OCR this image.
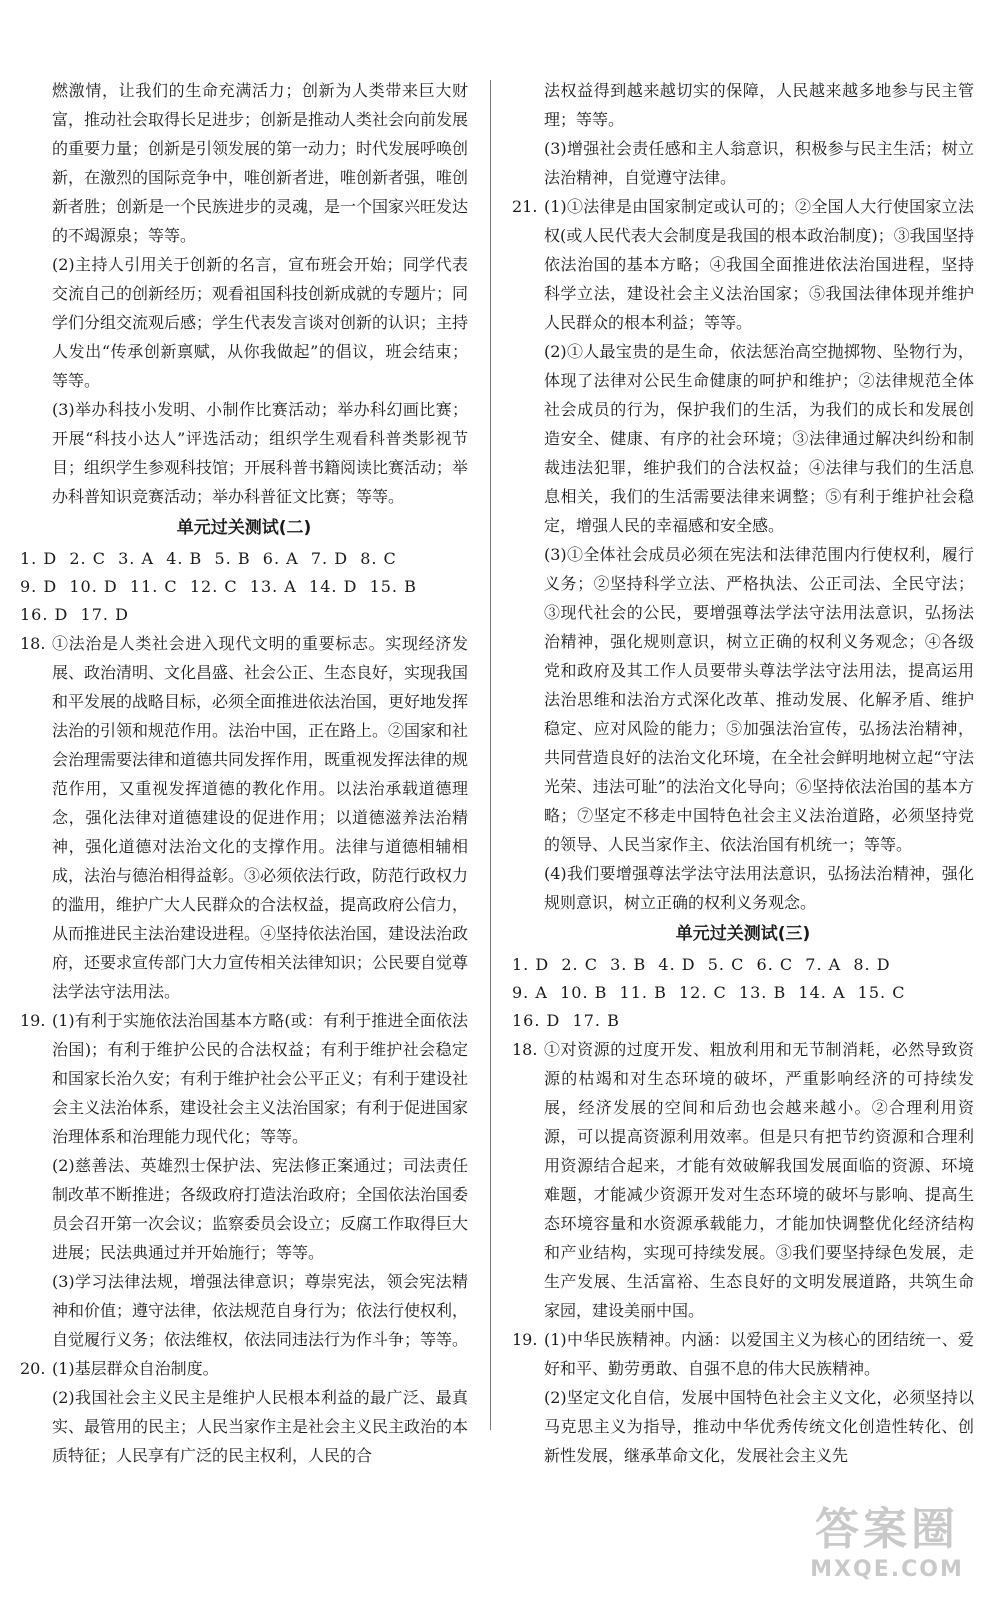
燃激情，让我们的生命充满活力；创新为人类带来巨大财富，推动社会取得长足进步；创新是推动人类社会向前发展的重要力量；创新是引领发展的第一动力；时代发展呼唤创新，在激烈的国际竞争中，唯创新者进，唯创新者强，唯创新者胜；创新是一个民族进步的灵魂，是一个国家兴旺发达的不竭源泉；等等。
(2)主持人引用关于创新的名言，宣布班会开始；同学代表交流自己的创新经历；观看祖国科技创新成就的专题片；同学们分组交流观后感；学生代表发言谈对创新的认识；主持人发出“传承创新禀赋，从你我做起”的倡议，班会结束；等等。
(3)举办科技小发明、小制作比赛活动；举办科幻画比赛；开展“科技小达人”评选活动；组织学生观看科普类影视节目；组织学生参观科技馆；开展科普书籍阅读比赛活动；举办科普知识竞赛活动；举办科普征文比赛；等等。
单元过关测试(二)
1. D  2. C  3. A  4. B  5. B  6. A  7. D  8. C
9. D  10. D  11. C  12. C  13. A  14. D  15. B
16. D  17. D
18. ①法治是人类社会进入现代文明的重要标志。实现经济发展、政治清明、文化昌盛、社会公正、生态良好，实现我国和平发展的战略目标，必须全面推进依法治国，更好地发挥法治的引领和规范作用。法治中国，正在路上。②国家和社会治理需要法律和道德共同发挥作用，既重视发挥法律的规范作用，又重视发挥道德的教化作用。以法治承载道德理念，强化法律对道德建设的促进作用；以道德滋养法治精神，强化道德对法治文化的支撑作用。法律与道德相辅相成，法治与德治相得益彰。③必须依法行政，防范行政权力的滥用，维护广大人民群众的合法权益，提高政府公信力，从而推进民主法治建设进程。④坚持依法治国，建设法治政府，还要求宣传部门大力宣传相关法律知识；公民要自觉尊法学法守法用法。
19. (1)有利于实施依法治国基本方略(或：有利于推进全面依法治国)；有利于维护公民的合法权益；有利于维护社会稳定和国家长治久安；有利于维护社会公平正义；有利于建设社会主义法治体系，建设社会主义法治国家；有利于促进国家治理体系和治理能力现代化；等等。
(2)慈善法、英雄烈士保护法、宪法修正案通过；司法责任制改革不断推进；各级政府打造法治政府；全国依法治国委员会召开第一次会议；监察委员会设立；反腐工作取得巨大进展；民法典通过并开始施行；等等。
(3)学习法律法规，增强法律意识；尊崇宪法，领会宪法精神和价值；遵守法律，依法规范自身行为；依法行使权利，自觉履行义务；依法维权，依法同违法行为作斗争；等等。
20. (1)基层群众自治制度。
(2)我国社会主义民主是维护人民根本利益的最广泛、最真实、最管用的民主；人民当家作主是社会主义民主政治的本质特征；人民享有广泛的民主权利，人民的合
法权益得到越来越切实的保障，人民越来越多地参与民主管理；等等。
(3)增强社会责任感和主人翁意识，积极参与民主生活；树立法治精神，自觉遵守法律。
21. (1)①法律是由国家制定或认可的；②全国人大行使国家立法权(或人民代表大会制度是我国的根本政治制度)；③我国坚持依法治国的基本方略；④我国全面推进依法治国进程，坚持科学立法，建设社会主义法治国家；⑤我国法律体现并维护人民群众的根本利益；等等。
(2)①人最宝贵的是生命，依法惩治高空抛掷物、坠物行为，体现了法律对公民生命健康的呵护和维护；②法律规范全体社会成员的行为，保护我们的生活，为我们的成长和发展创造安全、健康、有序的社会环境；③法律通过解决纠纷和制裁违法犯罪，维护我们的合法权益；④法律与我们的生活息息相关，我们的生活需要法律来调整；⑤有利于维护社会稳定，增强人民的幸福感和安全感。
(3)①全体社会成员必须在宪法和法律范围内行使权利，履行义务；②坚持科学立法、严格执法、公正司法、全民守法；③现代社会的公民，要增强尊法学法守法用法意识，弘扬法治精神，强化规则意识，树立正确的权利义务观念；④各级党和政府及其工作人员要带头尊法学法守法用法，提高运用法治思维和法治方式深化改革、推动发展、化解矛盾、维护稳定、应对风险的能力；⑤加强法治宣传，弘扬法治精神，共同营造良好的法治文化环境，在全社会鲜明地树立起“守法光荣、违法可耻”的法治文化导向；⑥坚持依法治国的基本方略；⑦坚定不移走中国特色社会主义法治道路，必须坚持党的领导、人民当家作主、依法治国有机统一；等等。
(4)我们要增强尊法学法守法用法意识，弘扬法治精神，强化规则意识，树立正确的权利义务观念。
单元过关测试(三)
1. D  2. C  3. B  4. D  5. C  6. C  7. A  8. D
9. A  10. B  11. B  12. C  13. B  14. A  15. C
16. D  17. B
18. ①对资源的过度开发、粗放利用和无节制消耗，必然导致资源的枯竭和对生态环境的破坏，严重影响经济的可持续发展，经济发展的空间和后劲也会越来越小。②合理利用资源，可以提高资源利用效率。但是只有把节约资源和合理利用资源结合起来，才能有效破解我国发展面临的资源、环境难题，才能减少资源开发对生态环境的破坏与影响、提高生态环境容量和水资源承载能力，才能加快调整优化经济结构和产业结构，实现可持续发展。③我们要坚持绿色发展，走生产发展、生活富裕、生态良好的文明发展道路，共筑生命家园，建设美丽中国。
19. (1)中华民族精神。内涵：以爱国主义为核心的团结统一、爱好和平、勤劳勇敢、自强不息的伟大民族精神。
(2)坚定文化自信，发展中国特色社会主义文化，必须坚持以马克思主义为指导，推动中华优秀传统文化创造性转化、创新性发展，继承革命文化，发展社会主义先
答案圈
MXQE.COM
